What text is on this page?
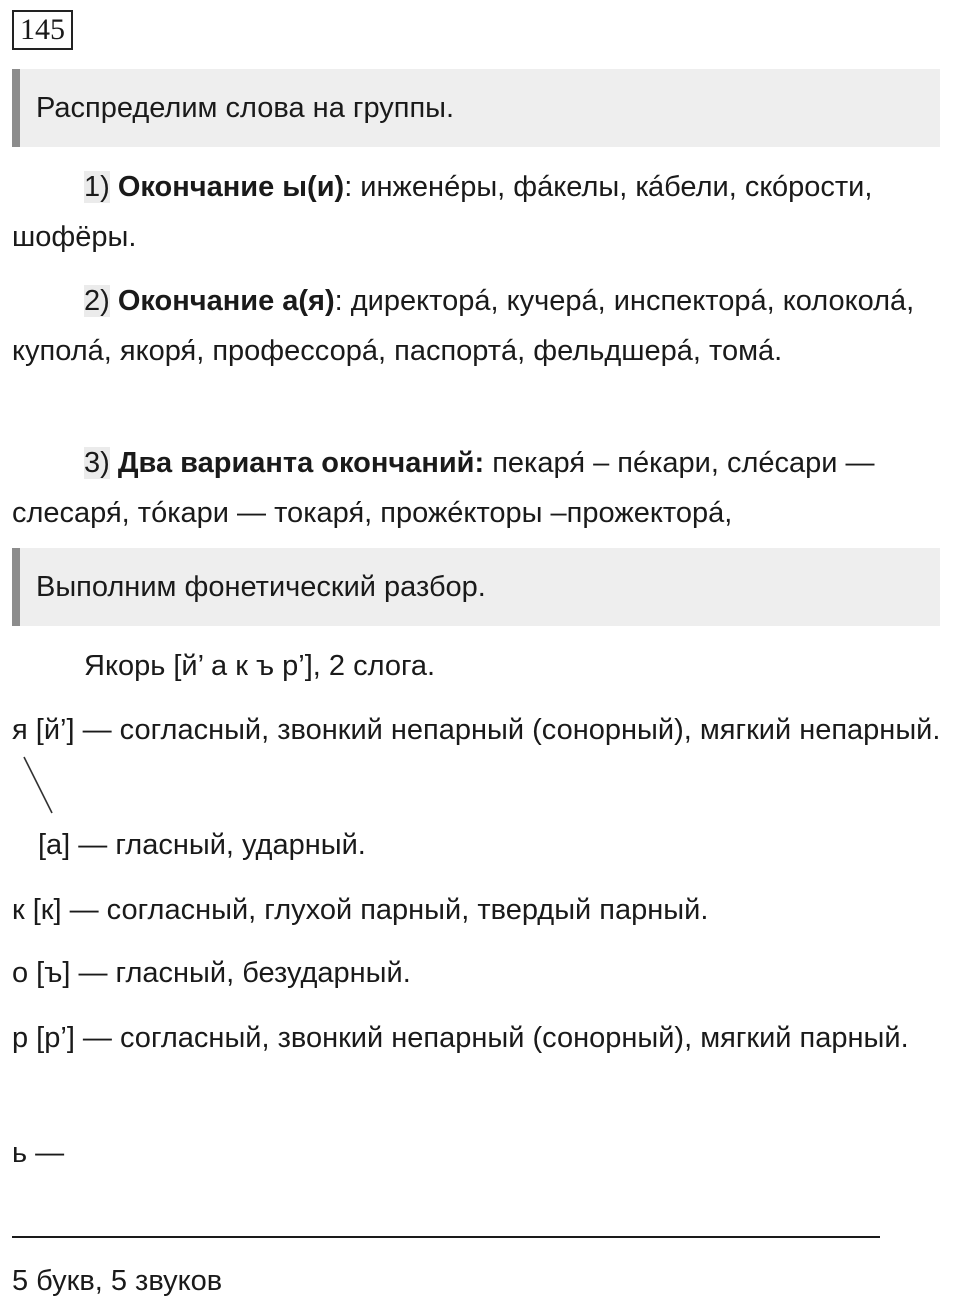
145
Распределим слова на группы.
1) Окончание ы(и): инженéры, фáкелы, кáбели, скóрости, шофёры.
2) Окончание а(я): директорá, кучерá, инспекторá, колоколá, куполá, якоря́, профессорá, паспортá, фельдшерá, томá.
3) Два варианта окончаний: пекаря́ – пéкари, слéсари — слесаря́, тóкари — токаря́, прожéкторы –прожекторá,
Выполним фонетический разбор.
Якорь [й’ а к ъ р’], 2 слога.
я [й’] — согласный, звонкий непарный (сонорный), мягкий непарный.
[а] — гласный, ударный.
к [к] — согласный, глухой парный, твердый парный.
о [ъ] — гласный, безударный.
р [р’] — согласный, звонкий непарный (сонорный), мягкий парный.
ь —
5 букв, 5 звуков
